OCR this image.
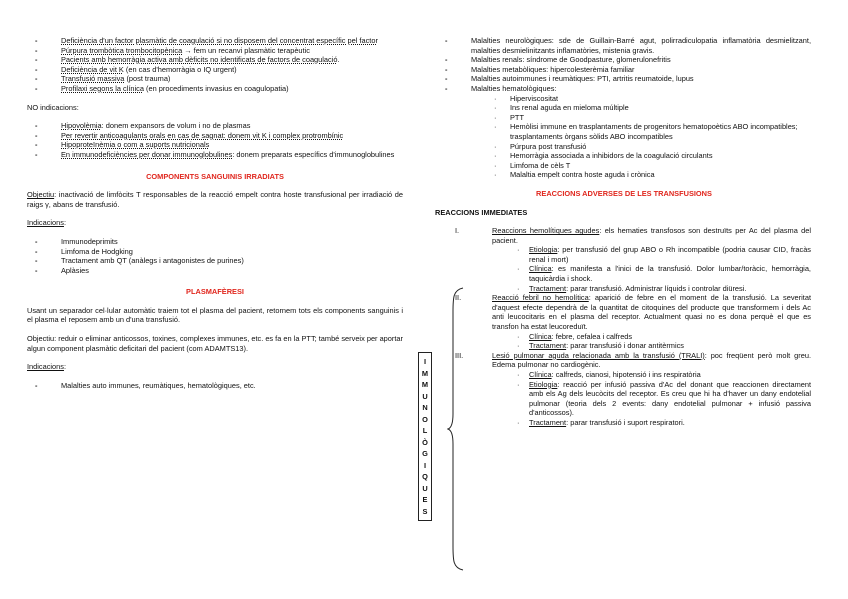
- Deficiència d'un factor plasmàtic de coagulació si no disposem del concentrat específic pel factor
- Púrpura trombòtica trombocitopènica → fem un recanvi plasmàtic terapèutic
- Pacients amb hemorràgia activa amb dèficits no identificats de factors de coagulació.
- Deficiència de vit K (en cas d'hemorràgia o IQ urgent)
- Transfusió massiva (post trauma)
- Profilaxi segons la clínica (en procediments invasius en coagulopatia)

NO indicacions:

- Hipovolèmia: donem expansors de volum i no de plasmas
- Per revertir anticoagulants orals en cas de sagnat: donem vit K i complex protrombínic
- Hipoproteïnèmia o com a suports nutricionals
- En immunodeficiències per donar immunoglobulines: donem preparats específics d'immunoglobulines

COMPONENTS SANGUINIS IRRADIATS

Objectiu: inactivació de limfòcits T responsables de la reacció empelt contra hoste transfusional per irradiació de raigs γ, abans de transfusió.

Indicacions:

- Immunodeprimits
- Limfoma de Hodgking
- Tractament amb QT (anàlegs i antagonistes de purines)
- Aplàsies

PLASMAFÈRESI

Usant un separador cel·lular automàtic traiem tot el plasma del pacient, retornem tots els components sanguinis i el plasma el reposem amb un d'una transfusió.

Objectiu: reduir o eliminar anticossos, toxines, complexes immunes, etc. es fa en la PTT; també serveix per aportar algun component plasmàtic deficitari del pacient (com ADAMTS13).

Indicacions:

- Malalties auto immunes, reumàtiques, hematològiques, etc.
I
M
M
U
N
O
L
Ò
G
I
Q
U
E
S
- Malalties neurològiques: sde de Guillain-Barré agut, polirradiculopatia inflamatòria desmielitzant, malalties desmielinitzants inflamatòries, mistenia gravis.
- Malalties renals: síndrome de Goodpasture, glomerulonefritis
- Malalties metabòliques: hipercolesterèmia familiar
- Malalties autoimmunes i reumàtiques: PTI, artritis reumatoide, lupus
- Malalties hematològiques:
· Hiperviscositat
· Ins renal aguda en mieloma múltiple
· PTT
· Hemòlisi immune en trasplantaments de progenitors hematopoètics ABO incompatibles; trasplantaments òrgans sòlids ABO incompatibles
· Púrpura post transfusió
· Hemorràgia associada a inhibidors de la coagulació circulants
· Limfoma de cèls T
· Malaltia empelt contra hoste aguda i crònica

REACCIONS ADVERSES DE LES TRANSFUSIONS

REACCIONS IMMEDIATES

I.	Reaccions hemolítiques agudes: els hematies transfosos son destruïts per Ac del plasma del pacient.
· Etiologia: per transfusió del grup ABO o Rh incompatible (podria causar CID, fracàs renal i mort)
· Clínica: es manifesta a l'inici de la transfusió. Dolor lumbar/toràcic, hemorràgia, taquicàrdia i shock.
· Tractament: parar transfusió. Administrar líquids i controlar diüresi.
II.	Reacció febril no hemolítica: aparició de febre en el moment de la transfusió. La severitat d'aquest efecte dependrà de la quantitat de citoquines del producte que transformem i dels Ac anti leucocitaris en el plasma del receptor. Actualment quasi no es dona perquè el que es transfon ha estat leucoreduït.
· Clínica: febre, cefalea i calfreds
· Tractament: parar transfusió i donar antitèrmics
III.	Lesió pulmonar aguda relacionada amb la transfusió (TRALI): poc freqüent però molt greu. Edema pulmonar no cardiogènic.
· Clínica: calfreds, cianosi, hipotensió i ins respiratòria
· Etiologia: reacció per infusió passiva d'Ac del donant que reaccionen directament amb els Ag dels leucòcits del receptor. Es creu que hi ha d'haver un dany endotelial pulmonar (teoria dels 2 events: dany endotelial pulmonar + infusió passiva d'anticossos).
· Tractament: parar transfusió i suport respiratori.
